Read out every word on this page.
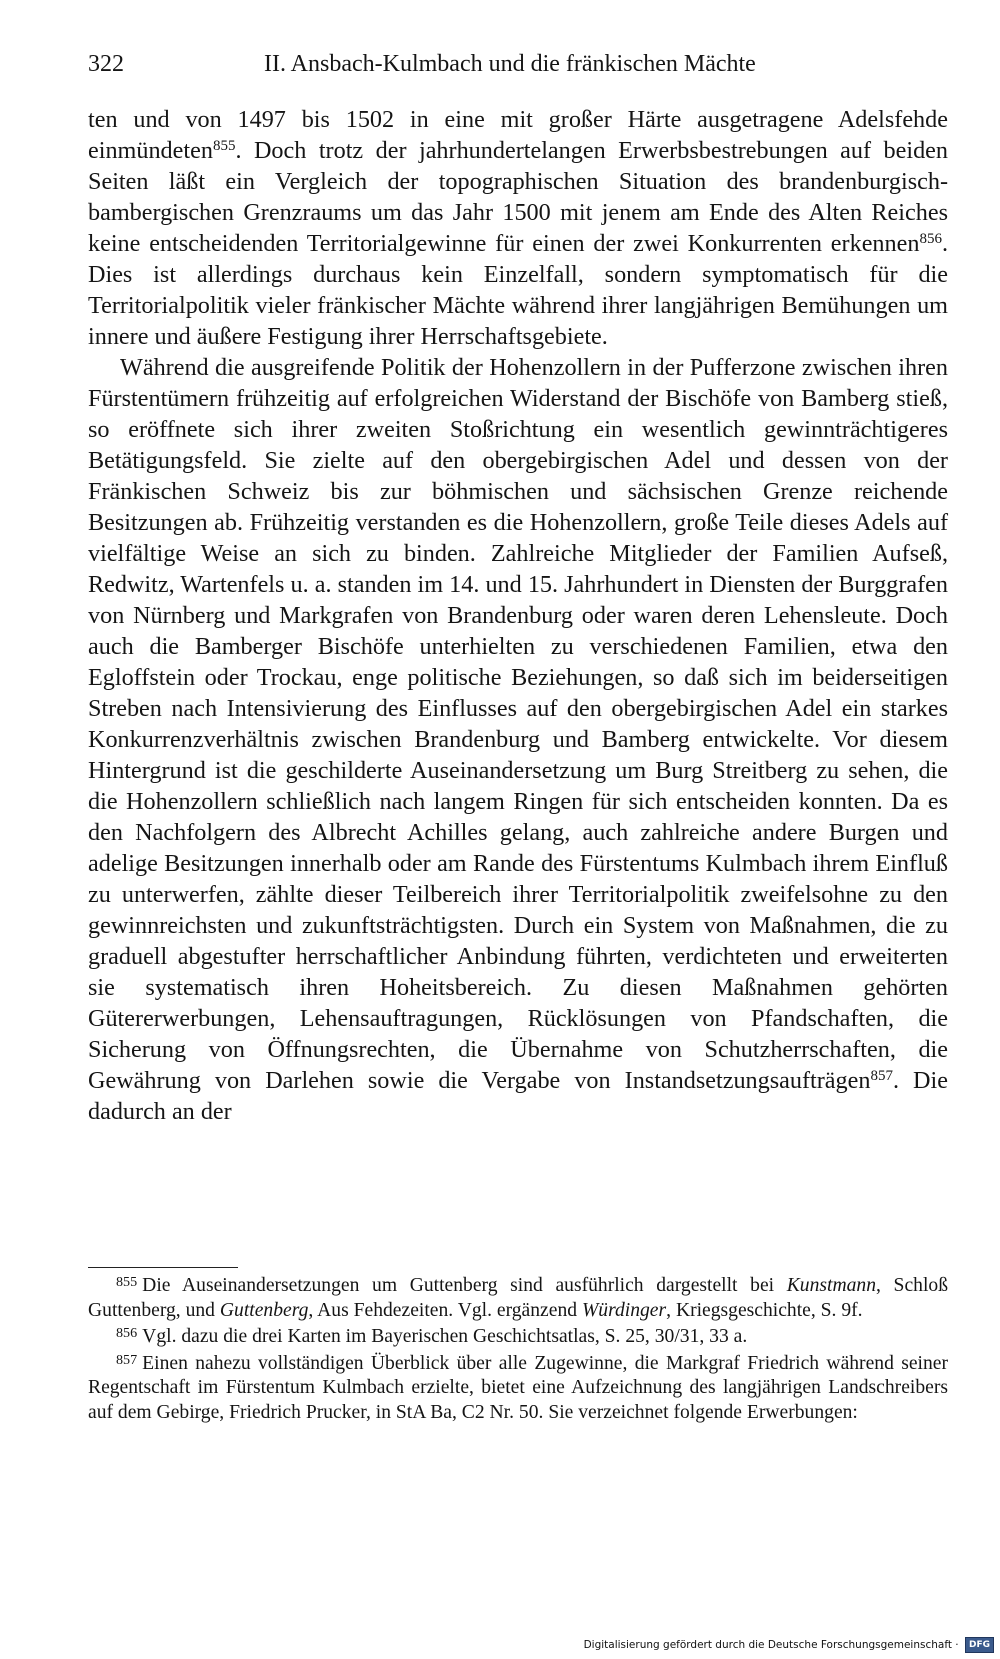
322	II. Ansbach-Kulmbach und die fränkischen Mächte

ten und von 1497 bis 1502 in eine mit großer Härte ausgetragene Adelsfehde einmündeten$^{855}$. Doch trotz der jahrhundertelangen Erwerbsbestrebungen auf beiden Seiten läßt ein Vergleich der topographischen Situation des brandenburgisch-bambergischen Grenzraums um das Jahr 1500 mit jenem am Ende des Alten Reiches keine entscheidenden Territorialgewinne für einen der zwei Konkurrenten erkennen$^{856}$. Dies ist allerdings durchaus kein Einzelfall, sondern symptomatisch für die Territorialpolitik vieler fränkischer Mächte während ihrer langjährigen Bemühungen um innere und äußere Festigung ihrer Herrschaftsgebiete.

Während die ausgreifende Politik der Hohenzollern in der Pufferzone zwischen ihren Fürstentümern frühzeitig auf erfolgreichen Widerstand der Bischöfe von Bamberg stieß, so eröffnete sich ihrer zweiten Stoßrichtung ein wesentlich gewinnträchtigeres Betätigungsfeld. Sie zielte auf den obergebirgischen Adel und dessen von der Fränkischen Schweiz bis zur böhmischen und sächsischen Grenze reichende Besitzungen ab. Frühzeitig verstanden es die Hohenzollern, große Teile dieses Adels auf vielfältige Weise an sich zu binden. Zahlreiche Mitglieder der Familien Aufseß, Redwitz, Wartenfels u. a. standen im 14. und 15. Jahrhundert in Diensten der Burggrafen von Nürnberg und Markgrafen von Brandenburg oder waren deren Lehensleute. Doch auch die Bamberger Bischöfe unterhielten zu verschiedenen Familien, etwa den Egloffstein oder Trockau, enge politische Beziehungen, so daß sich im beiderseitigen Streben nach Intensivierung des Einflusses auf den obergebirgischen Adel ein starkes Konkurrenzverhältnis zwischen Brandenburg und Bamberg entwickelte. Vor diesem Hintergrund ist die geschilderte Auseinandersetzung um Burg Streitberg zu sehen, die die Hohenzollern schließlich nach langem Ringen für sich entscheiden konnten. Da es den Nachfolgern des Albrecht Achilles gelang, auch zahlreiche andere Burgen und adelige Besitzungen innerhalb oder am Rande des Fürstentums Kulmbach ihrem Einfluß zu unterwerfen, zählte dieser Teilbereich ihrer Territorialpolitik zweifelsohne zu den gewinnreichsten und zukunftsträchtigsten. Durch ein System von Maßnahmen, die zu graduell abgestufter herrschaftlicher Anbindung führten, verdichteten und erweiterten sie systematisch ihren Hoheitsbereich. Zu diesen Maßnahmen gehörten Gütererwerbungen, Lehensauftragungen, Rücklösungen von Pfandschaften, die Sicherung von Öffnungsrechten, die Übernahme von Schutzherrschaften, die Gewährung von Darlehen sowie die Vergabe von Instandsetzungsaufträgen$^{857}$. Die dadurch an der

$^{855}$ Die Auseinandersetzungen um Guttenberg sind ausführlich dargestellt bei Kunstmann, Schloß Guttenberg, und Guttenberg, Aus Fehdezeiten. Vgl. ergänzend Würdinger, Kriegsgeschichte, S. 9f.

$^{856}$ Vgl. dazu die drei Karten im Bayerischen Geschichtsatlas, S. 25, 30/31, 33 a.

$^{857}$ Einen nahezu vollständigen Überblick über alle Zugewinne, die Markgraf Friedrich während seiner Regentschaft im Fürstentum Kulmbach erzielte, bietet eine Aufzeichnung des langjährigen Landschreibers auf dem Gebirge, Friedrich Prucker, in StA Ba, C2 Nr. 50. Sie verzeichnet folgende Erwerbungen:

Digitalisierung gefördert durch die Deutsche Forschungsgemeinschaft · DFG
